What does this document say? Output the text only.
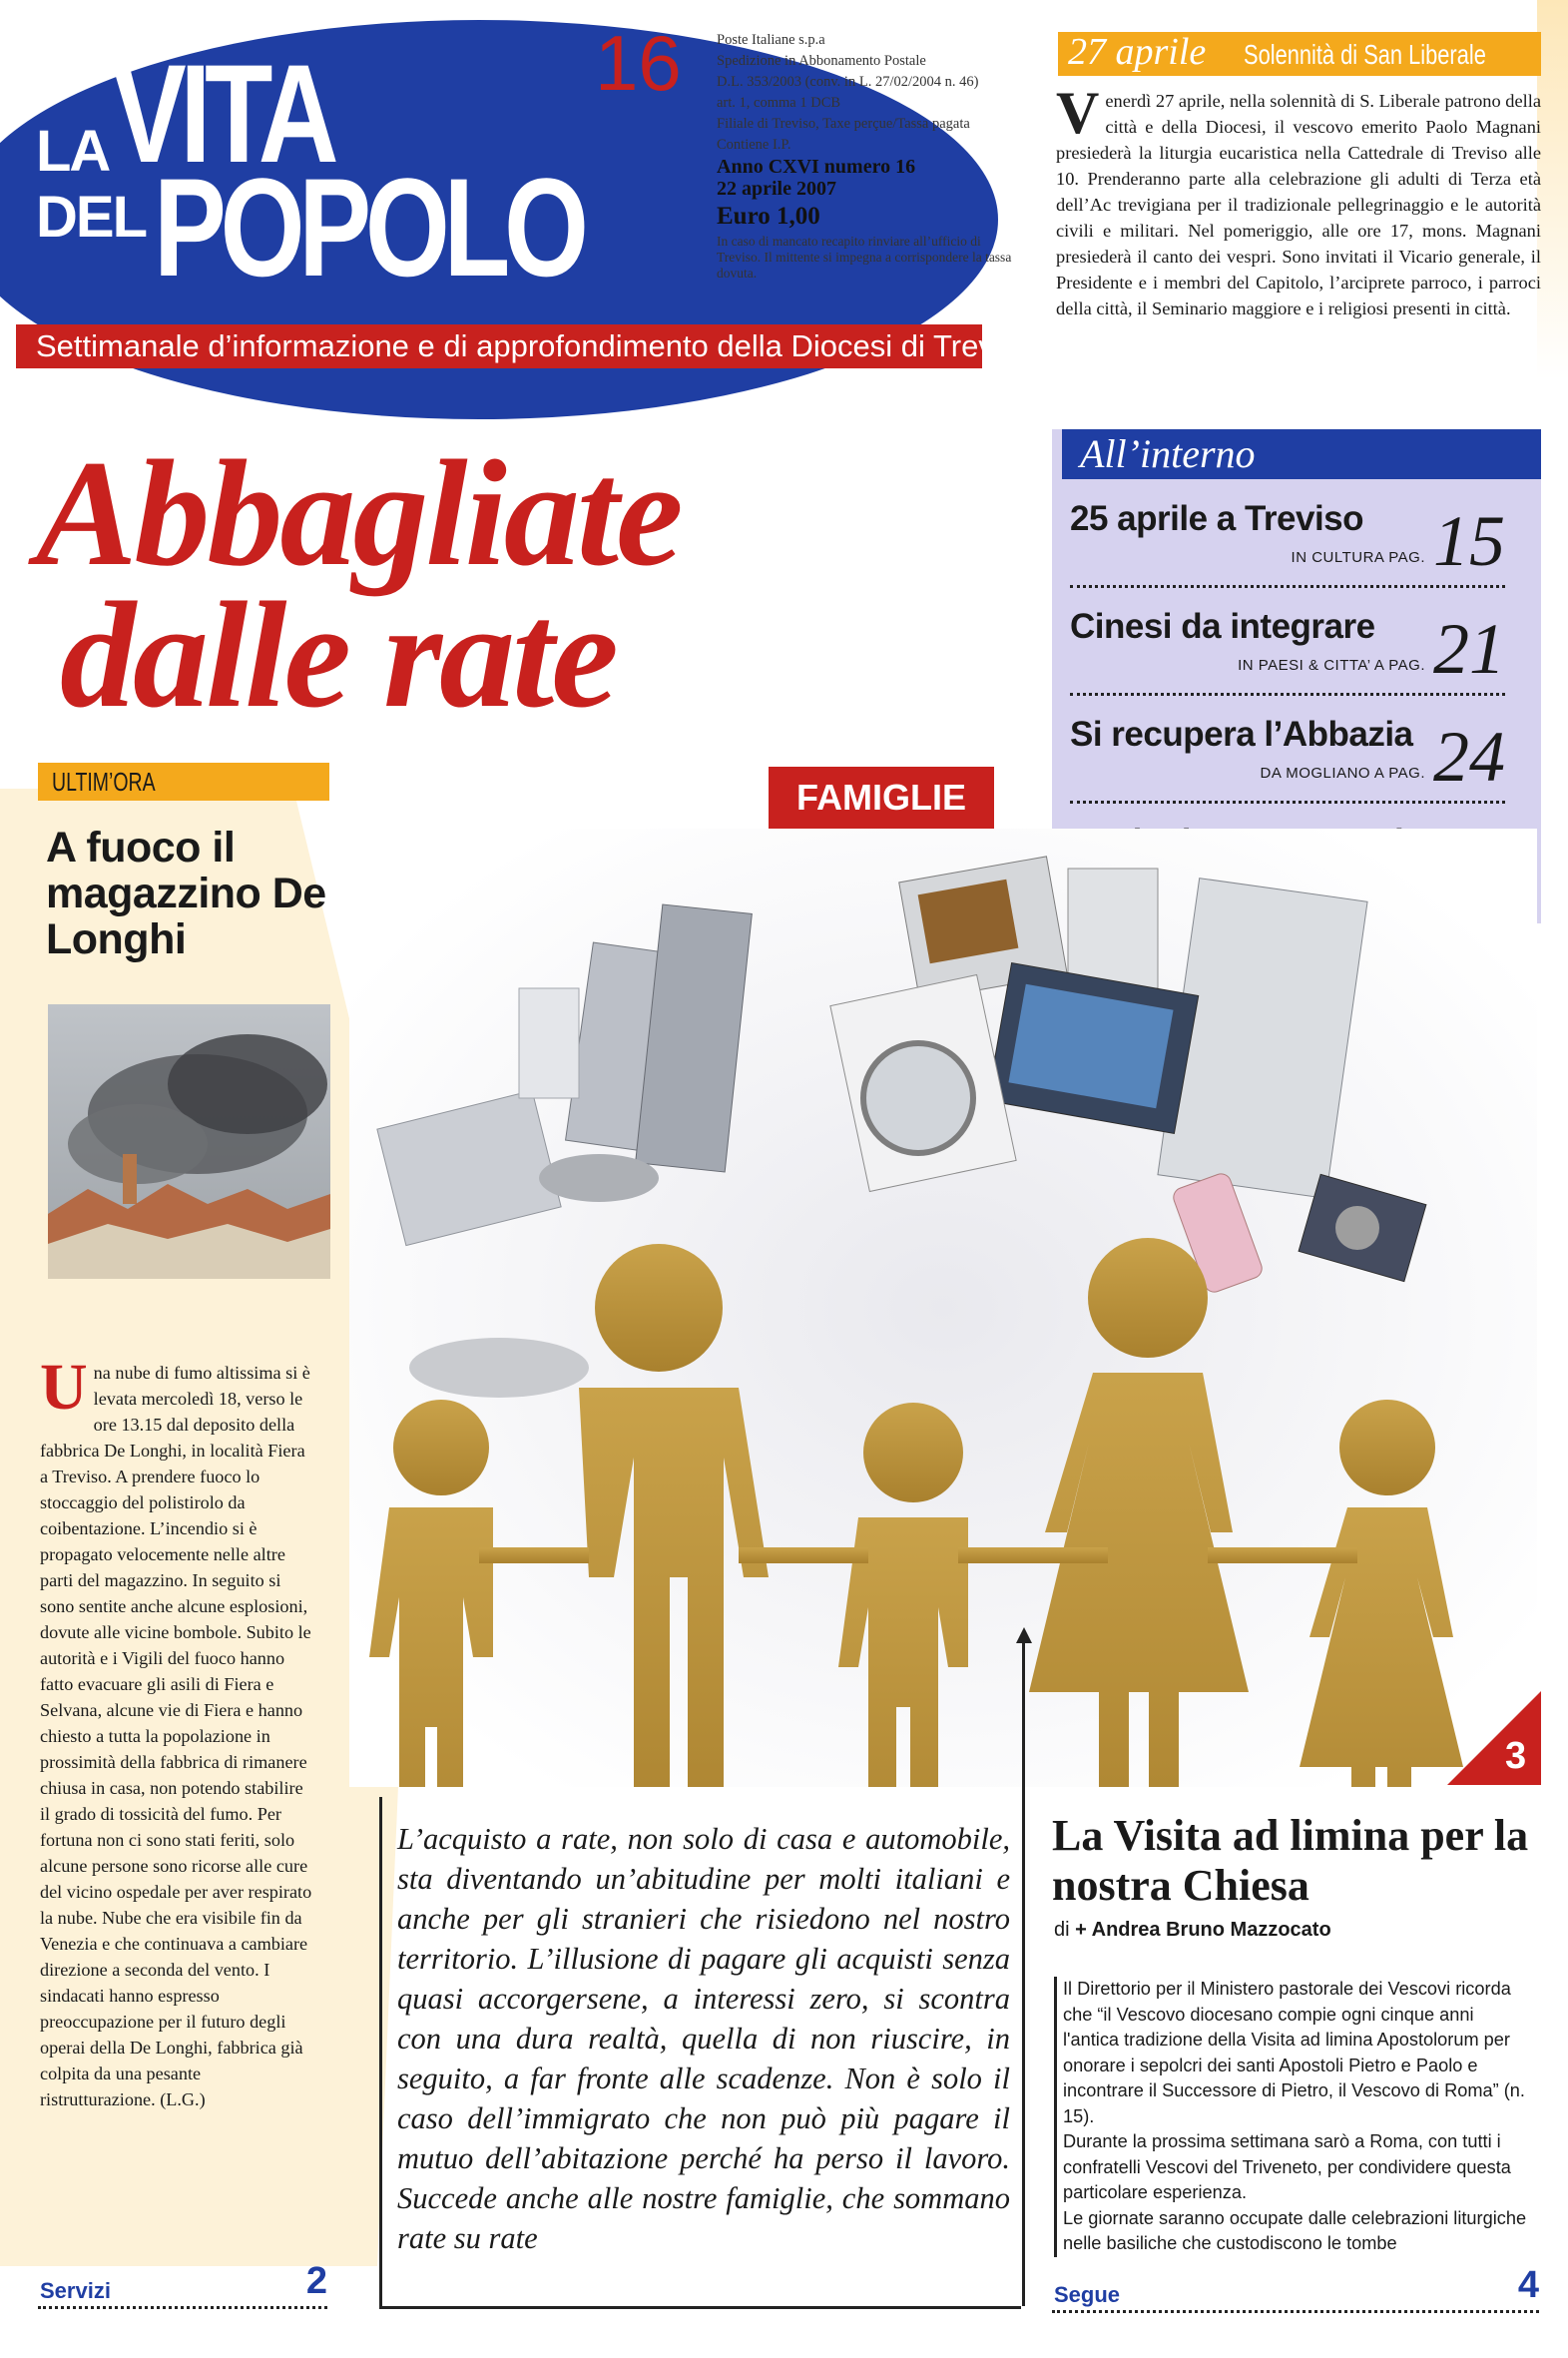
LA VITA
DEL POPOLO
16
Settimanale d’informazione e di approfondimento della Diocesi di Treviso
Poste Italiane s.p.a
Spedizione in Abbonamento Postale
D.L. 353/2003 (conv. in L. 27/02/2004 n. 46)
art. 1, comma 1 DCB
Filiale di Treviso, Taxe perçue/Tassa pagata
Contiene I.P.
Anno CXVI numero 16
22 aprile 2007
Euro 1,00
In caso di mancato recapito rinviare all’ufficio di Treviso. Il mittente si impegna a corrispondere la tassa dovuta.
27 aprile Solennità di San Liberale
V enerdì 27 aprile, nella solennità di S. Liberale patrono della città e della Diocesi, il vescovo emerito Paolo Magnani presiederà la liturgia eucaristica nella Cattedrale di Treviso alle 10. Prenderanno parte alla celebrazione gli adulti di Terza età dell’Ac trevigiana per il tradizionale pellegrinaggio e le autorità civili e militari. Nel pomeriggio, alle ore 17, mons. Magnani presiederà il canto dei vespri. Sono invitati il Vicario generale, il Presidente e i membri del Capitolo, l’arciprete parroco, i parroci della città, il Seminario maggiore e i religiosi presenti in città.
Abbagliate
dalle rate
All’interno
25 aprile a Treviso
IN CULTURA PAG. 15
Cinesi da integrare
IN PAESI & CITTA’ A PAG. 21
Si recupera l’Abbazia
DA MOGLIANO A PAG. 24
FAMIGLIE
ULTIM’ORA
A fuoco il magazzino De Longhi
U na nube di fumo altissima si è levata mercoledì 18, verso le ore 13.15 dal deposito della fabbrica De Longhi, in località Fiera a Treviso. A prendere fuoco lo stoccaggio del polistirolo da coibentazione. L’incendio si è propagato velocemente nelle altre parti del magazzino. In seguito si sono sentite anche alcune esplosioni, dovute alle vicine bombole. Subito le autorità e i Vigili del fuoco hanno fatto evacuare gli asili di Fiera e Selvana, alcune vie di Fiera e hanno chiesto a tutta la popolazione in prossimità della fabbrica di rimanere chiusa in casa, non potendo stabilire il grado di tossicità del fumo. Per fortuna non ci sono stati feriti, solo alcune persone sono ricorse alle cure del vicino ospedale per aver respirato la nube. Nube che era visibile fin da Venezia e che continuava a cambiare direzione a seconda del vento. I sindacati hanno espresso preoccupazione per il futuro degli operai della De Longhi, fabbrica già colpita da una pesante ristrutturazione. (L.G.)
Servizi	2
L’acquisto a rate, non solo di casa e automobile, sta diventando un’abitudine per molti italiani e anche per gli stranieri che risiedono nel nostro territorio. L’illusione di pagare gli acquisti senza quasi accorgersene, a interessi zero, si scontra con una dura realtà, quella di non riuscire, in seguito, a far fronte alle scadenze. Non è solo il caso dell’immigrato che non può più pagare il mutuo dell’abitazione perché ha perso il lavoro. Succede anche alle nostre famiglie, che sommano rate su rate
3
La Visita ad limina per la nostra Chiesa
di + Andrea Bruno Mazzocato
Il Direttorio per il Ministero pastorale dei Vescovi ricorda che “il Vescovo diocesano compie ogni cinque anni l'antica tradizione della Visita ad limina Apostolorum per onorare i sepolcri dei santi Apostoli Pietro e Paolo e incontrare il Successore di Pietro, il Vescovo di Roma” (n. 15).
Durante la prossima settimana sarò a Roma, con tutti i confratelli Vescovi del Triveneto, per condividere questa particolare esperienza.
Le giornate saranno occupate dalle celebrazioni liturgiche nelle basiliche che custodiscono le tombe
Segue	4
